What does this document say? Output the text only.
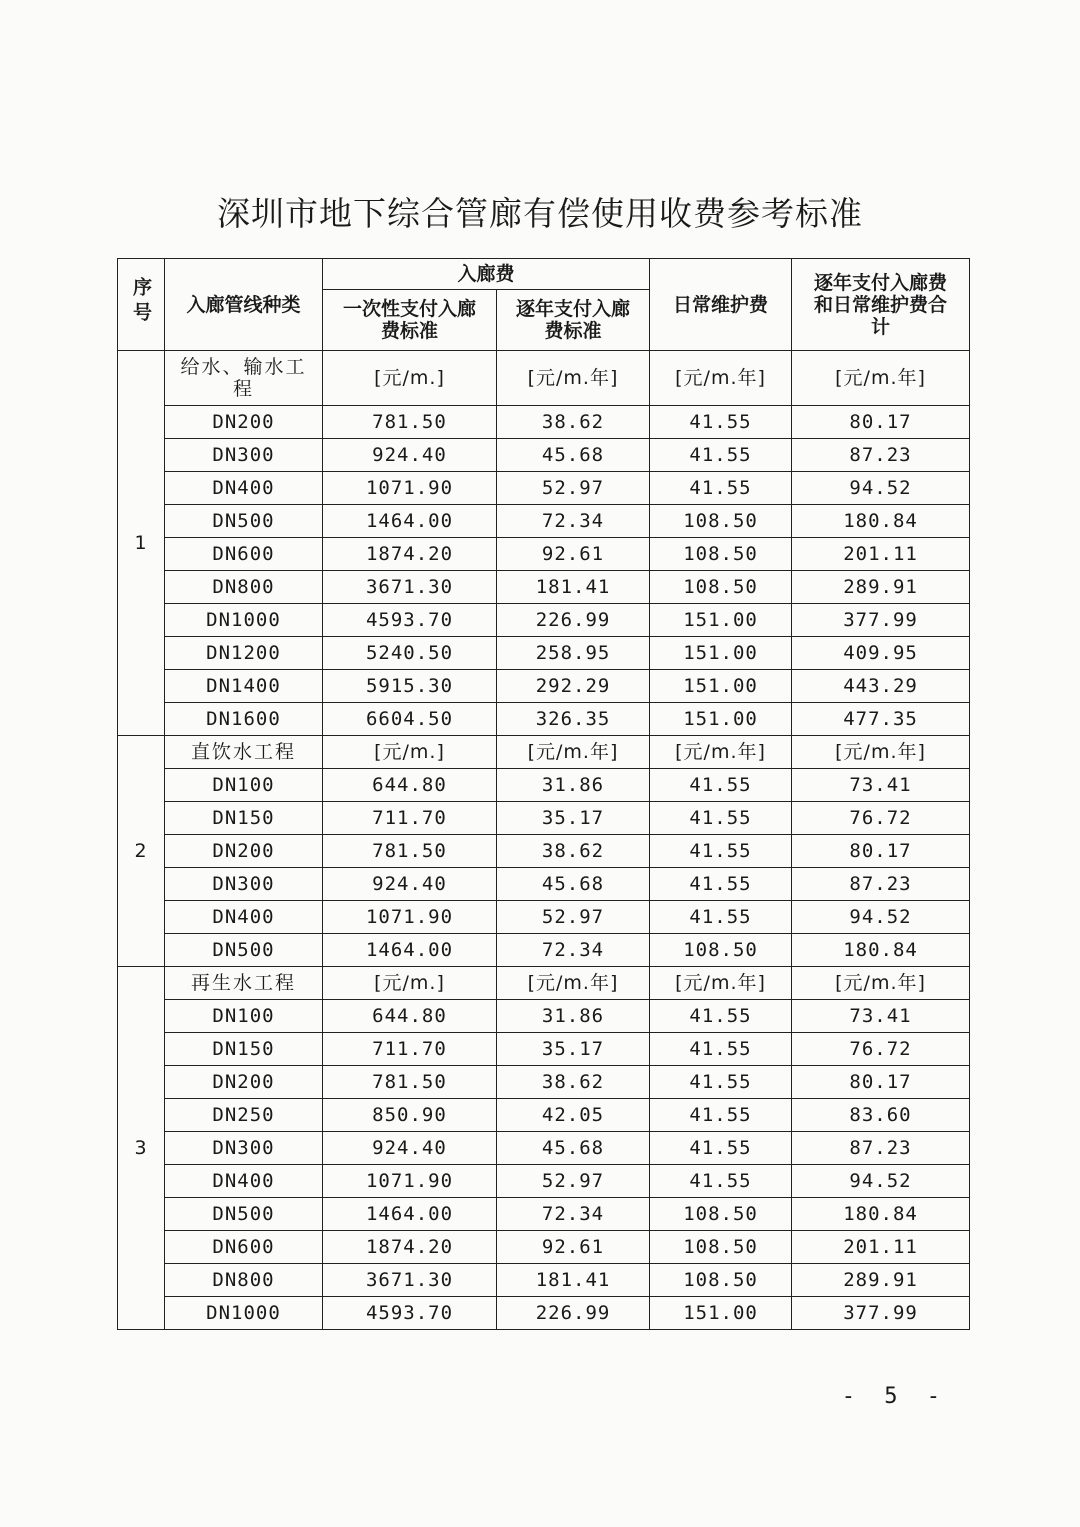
深圳市地下综合管廊有偿使用收费参考标准
序号	入廊管线种类	入廊费		日常维护费	逐年支付入廊费和日常维护费合计
		一次性支付入廊费标准	逐年支付入廊费标准		
1	给水、输水工程	[元/m.]	[元/m.年]	[元/m.年]	[元/m.年]
	DN200	781.50	38.62	41.55	80.17
	DN300	924.40	45.68	41.55	87.23
	DN400	1071.90	52.97	41.55	94.52
	DN500	1464.00	72.34	108.50	180.84
	DN600	1874.20	92.61	108.50	201.11
	DN800	3671.30	181.41	108.50	289.91
	DN1000	4593.70	226.99	151.00	377.99
	DN1200	5240.50	258.95	151.00	409.95
	DN1400	5915.30	292.29	151.00	443.29
	DN1600	6604.50	326.35	151.00	477.35
2	直饮水工程	[元/m.]	[元/m.年]	[元/m.年]	[元/m.年]
	DN100	644.80	31.86	41.55	73.41
	DN150	711.70	35.17	41.55	76.72
	DN200	781.50	38.62	41.55	80.17
	DN300	924.40	45.68	41.55	87.23
	DN400	1071.90	52.97	41.55	94.52
	DN500	1464.00	72.34	108.50	180.84
3	再生水工程	[元/m.]	[元/m.年]	[元/m.年]	[元/m.年]
	DN100	644.80	31.86	41.55	73.41
	DN150	711.70	35.17	41.55	76.72
	DN200	781.50	38.62	41.55	80.17
	DN250	850.90	42.05	41.55	83.60
	DN300	924.40	45.68	41.55	87.23
	DN400	1071.90	52.97	41.55	94.52
	DN500	1464.00	72.34	108.50	180.84
	DN600	1874.20	92.61	108.50	201.11
	DN800	3671.30	181.41	108.50	289.91
	DN1000	4593.70	226.99	151.00	377.99
- 5 -
